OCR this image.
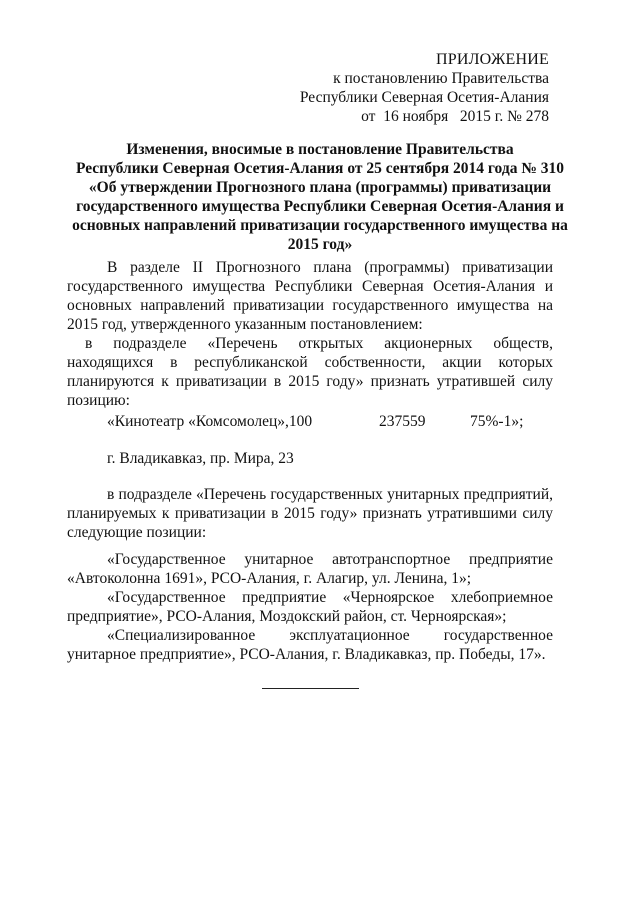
ПРИЛОЖЕНИЕ
к постановлению Правительства
Республики Северная Осетия-Алания
от  16 ноября   2015 г. № 278
Изменения, вносимые в постановление Правительства
Республики Северная Осетия-Алания от 25 сентября 2014 года № 310
«Об утверждении Прогнозного плана (программы) приватизации
государственного имущества Республики Северная Осетия-Алания и
основных направлений приватизации государственного имущества на
2015 год»
В разделе II Прогнозного плана (программы) приватизации государственного имущества Республики Северная Осетия-Алания и основных направлений приватизации государственного имущества на 2015 год, утвержденного указанным постановлением:
в подразделе «Перечень открытых акционерных обществ, находящихся в республиканской собственности, акции которых планируются к приватизации в 2015 году» признать утратившей силу позицию:
«Кинотеатр «Комсомолец»,100	237559	75%-1»;
г. Владикавказ, пр. Мира, 23
в подразделе «Перечень государственных унитарных предприятий, планируемых к приватизации в 2015 году» признать утратившими силу следующие позиции:
«Государственное унитарное автотранспортное предприятие «Автоколонна 1691», РСО-Алания, г. Алагир, ул. Ленина, 1»;
«Государственное предприятие «Черноярское хлебоприемное предприятие», РСО-Алания, Моздокский район, ст. Черноярская»;
«Специализированное эксплуатационное государственное унитарное предприятие», РСО-Алания, г. Владикавказ, пр. Победы, 17».
